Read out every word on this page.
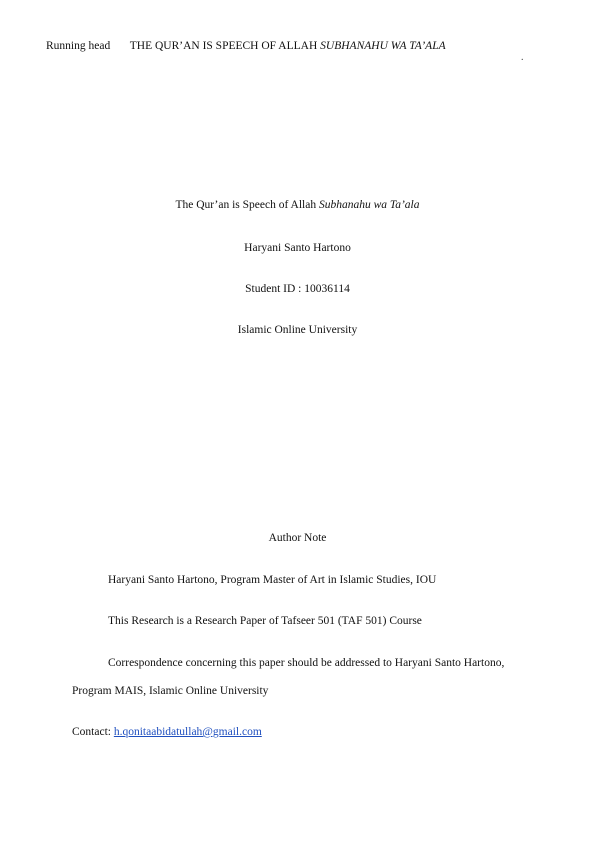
Running head THE QUR’AN IS SPEECH OF ALLAH SUBHANAHU WA TA’ALA
.
The Qur’an is Speech of Allah Subhanahu wa Ta’ala
Haryani Santo Hartono
Student ID : 10036114
Islamic Online University
Author Note
Haryani Santo Hartono, Program Master of Art in Islamic Studies, IOU
This Research is a Research Paper of Tafseer 501 (TAF 501) Course
Correspondence concerning this paper should be addressed to Haryani Santo Hartono,
Program MAIS, Islamic Online University
Contact: h.qonitaabidatullah@gmail.com
